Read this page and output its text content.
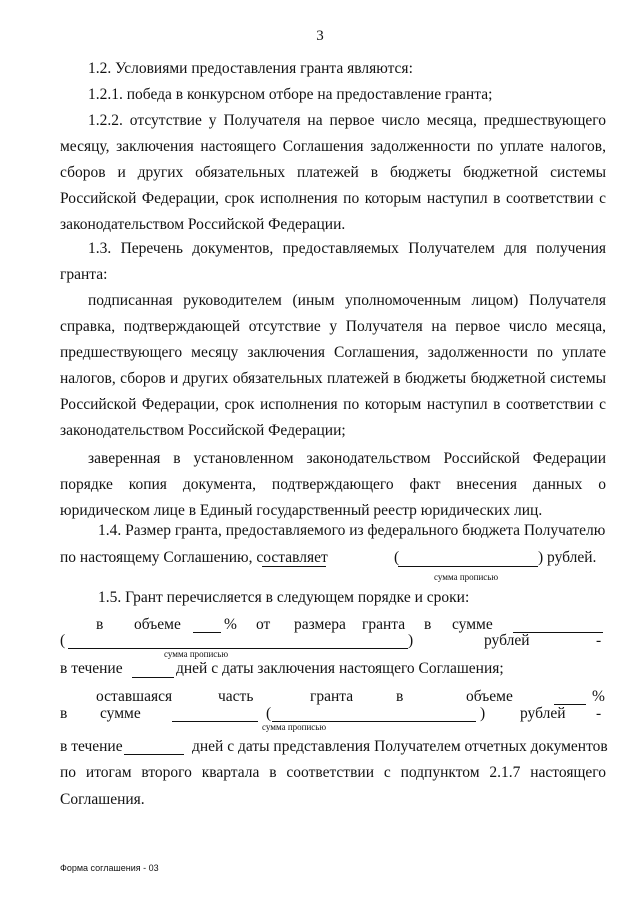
3

1.2. Условиями предоставления гранта являются:

1.2.1. победа в конкурсном отборе на предоставление гранта;

1.2.2. отсутствие у Получателя на первое число месяца, предшествующего месяцу, заключения настоящего Соглашения задолженности по уплате налогов, сборов и других обязательных платежей в бюджеты бюджетной системы Российской Федерации, срок исполнения по которым наступил в соответствии с законодательством Российской Федерации.

1.3. Перечень документов, предоставляемых Получателем для получения гранта:

подписанная руководителем (иным уполномоченным лицом) Получателя справка, подтверждающей отсутствие у Получателя на первое число месяца, предшествующего месяцу заключения Соглашения, задолженности по уплате налогов, сборов и других обязательных платежей в бюджеты бюджетной системы Российской Федерации, срок исполнения по которым наступил в соответствии с законодательством Российской Федерации;

заверенная в установленном законодательством Российской Федерации порядке копия документа, подтверждающего факт внесения данных о юридическом лице в Единый государственный реестр юридических лиц.

1.4. Размер гранта, предоставляемого из федерального бюджета Получателю
по настоящему Соглашению, составляет	(	) рублей.
сумма прописью
1.5. Грант перечисляется в следующем порядке и сроки:
в объеме	% от размера гранта в сумме
(	)	рублей	-
сумма прописью
в течение	дней с даты заключения настоящего Соглашения;
оставшаяся	часть	гранта	в	объеме	%
в сумме	(	) рублей -
сумма прописью
в течение	дней с даты представления Получателем отчетных документов
по итогам второго квартала в соответствии с подпунктом 2.1.7 настоящего
Соглашения.
Форма соглашения - 03
